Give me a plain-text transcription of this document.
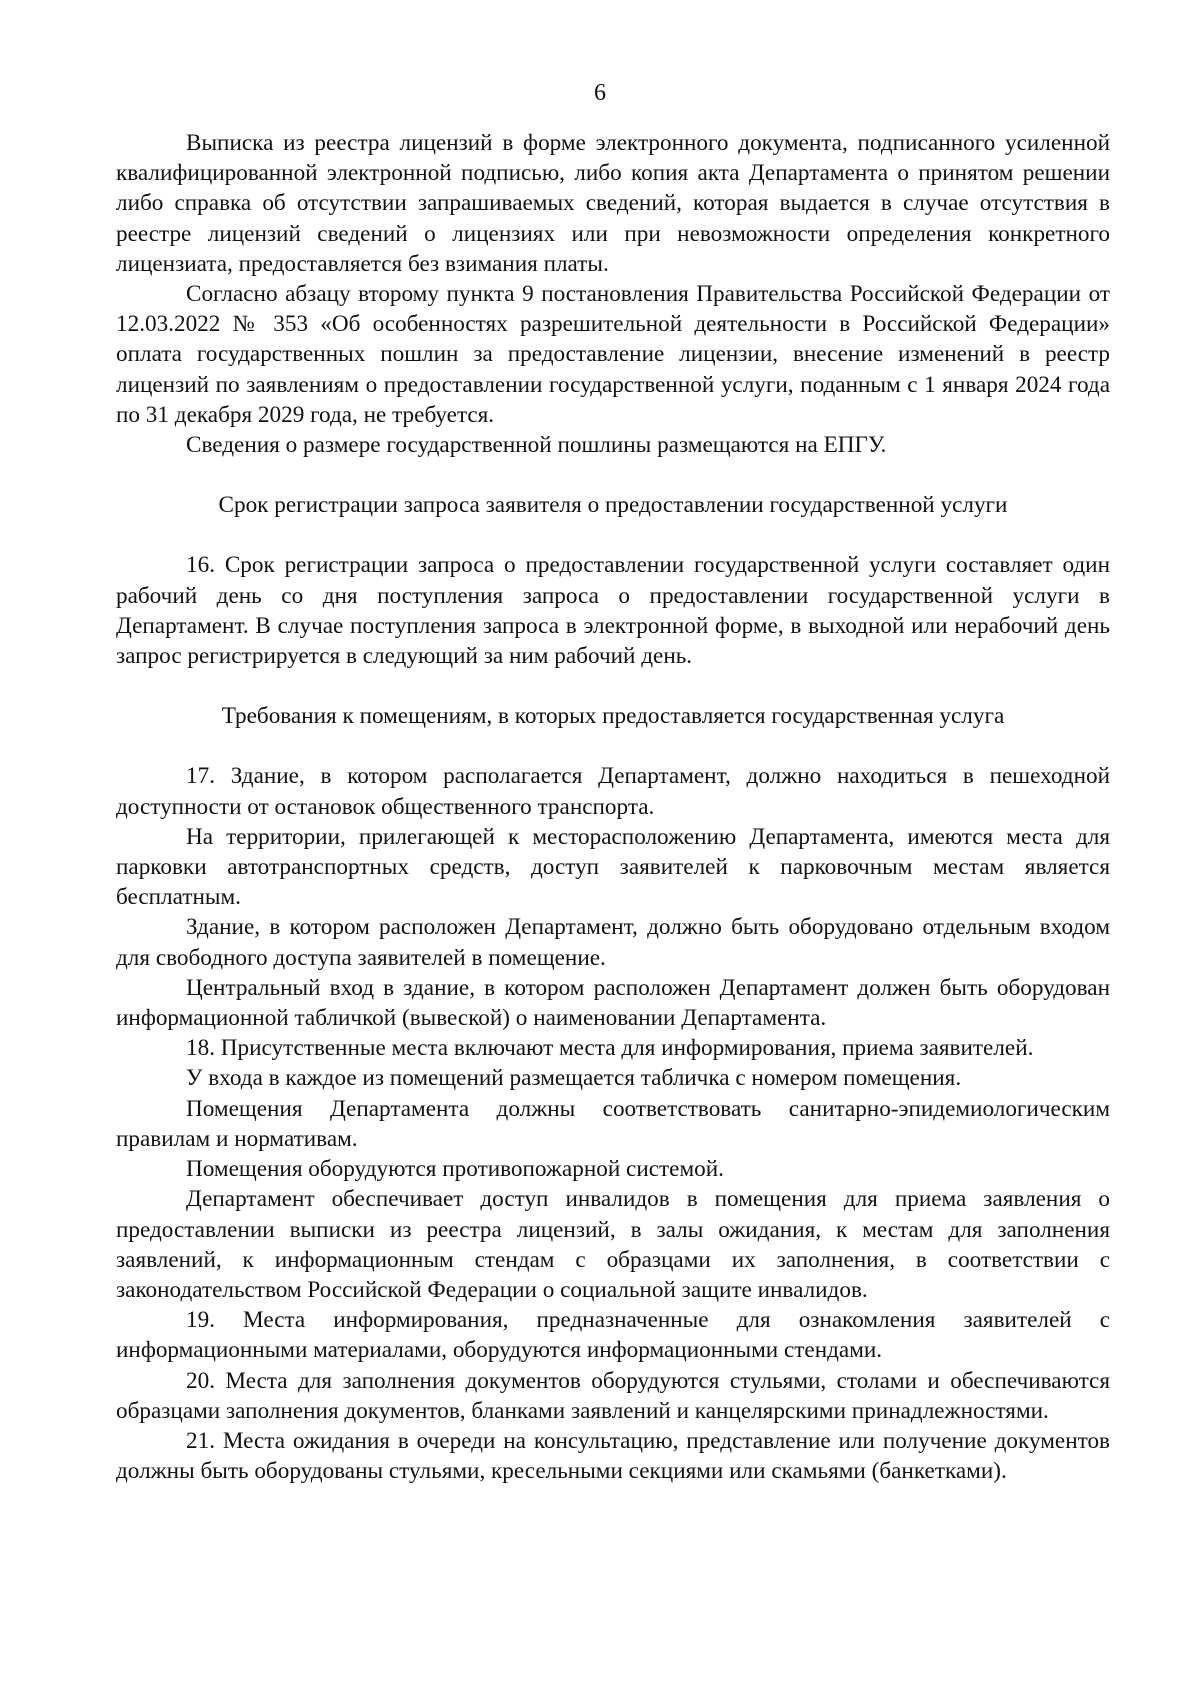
6

Выписка из реестра лицензий в форме электронного документа, подписанного усиленной квалифицированной электронной подписью, либо копия акта Департамента о принятом решении либо справка об отсутствии запрашиваемых сведений, которая выдается в случае отсутствия в реестре лицензий сведений о лицензиях или при невозможности определения конкретного лицензиата, предоставляется без взимания платы.

Согласно абзацу второму пункта 9 постановления Правительства Российской Федерации от 12.03.2022 № 353 «Об особенностях разрешительной деятельности в Российской Федерации» оплата государственных пошлин за предоставление лицензии, внесение изменений в реестр лицензий по заявлениям о предоставлении государственной услуги, поданным с 1 января 2024 года по 31 декабря 2029 года, не требуется.

Сведения о размере государственной пошлины размещаются на ЕПГУ.

Срок регистрации запроса заявителя о предоставлении государственной услуги

16. Срок регистрации запроса о предоставлении государственной услуги составляет один рабочий день со дня поступления запроса о предоставлении государственной услуги в Департамент. В случае поступления запроса в электронной форме, в выходной или нерабочий день запрос регистрируется в следующий за ним рабочий день.

Требования к помещениям, в которых предоставляется государственная услуга

17. Здание, в котором располагается Департамент, должно находиться в пешеходной доступности от остановок общественного транспорта.

На территории, прилегающей к месторасположению Департамента, имеются места для парковки автотранспортных средств, доступ заявителей к парковочным местам является бесплатным.

Здание, в котором расположен Департамент, должно быть оборудовано отдельным входом для свободного доступа заявителей в помещение.

Центральный вход в здание, в котором расположен Департамент должен быть оборудован информационной табличкой (вывеской) о наименовании Департамента.

18. Присутственные места включают места для информирования, приема заявителей.

У входа в каждое из помещений размещается табличка с номером помещения.

Помещения Департамента должны соответствовать санитарно-эпидемиологическим правилам и нормативам.

Помещения оборудуются противопожарной системой.

Департамент обеспечивает доступ инвалидов в помещения для приема заявления о предоставлении выписки из реестра лицензий, в залы ожидания, к местам для заполнения заявлений, к информационным стендам с образцами их заполнения, в соответствии с законодательством Российской Федерации о социальной защите инвалидов.

19. Места информирования, предназначенные для ознакомления заявителей с информационными материалами, оборудуются информационными стендами.

20. Места для заполнения документов оборудуются стульями, столами и обеспечиваются образцами заполнения документов, бланками заявлений и канцелярскими принадлежностями.

21. Места ожидания в очереди на консультацию, представление или получение документов должны быть оборудованы стульями, кресельными секциями или скамьями (банкетками).
